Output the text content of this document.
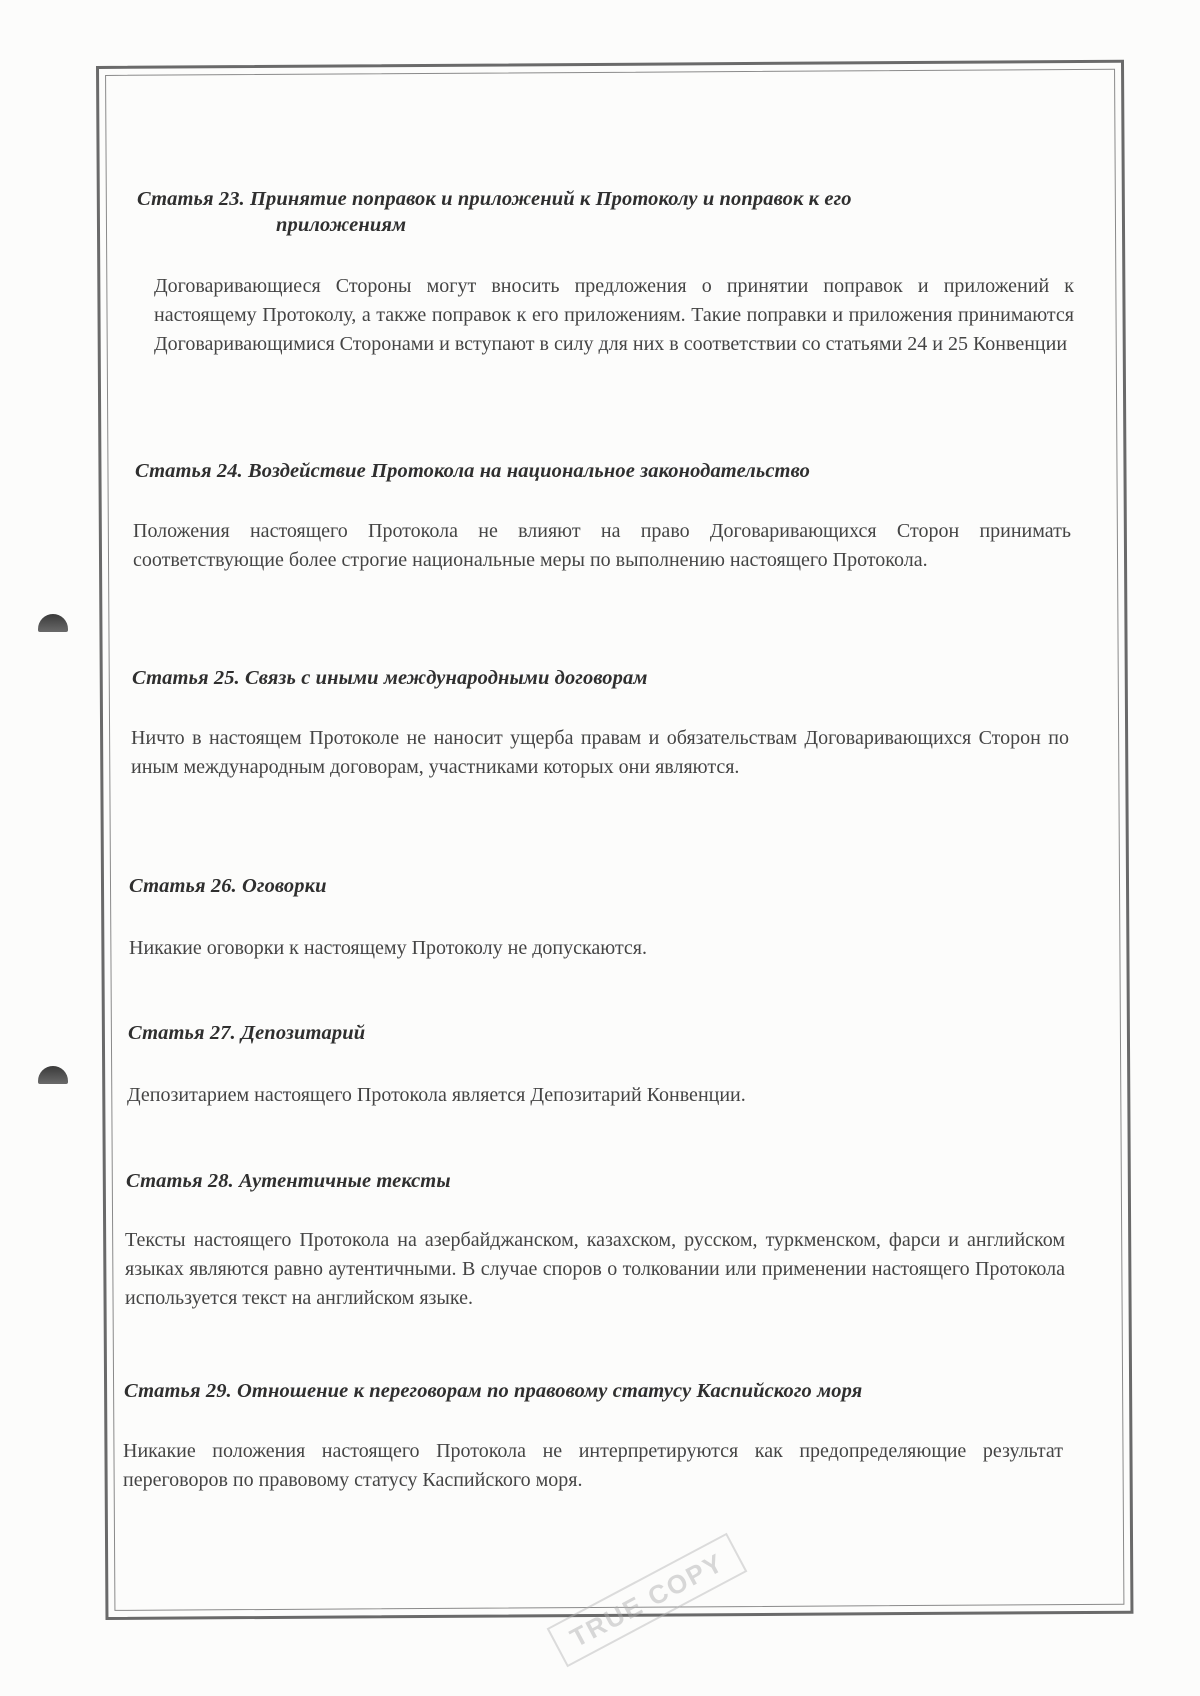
Статья 23. Принятие поправок и приложений к Протоколу и поправок к его
приложениям
Договаривающиеся Стороны могут вносить предложения о принятии поправок и приложений к настоящему Протоколу, а также поправок к его приложениям. Такие поправки и приложения принимаются Договаривающимися Сторонами и вступают в силу для них в соответствии со статьями 24 и 25 Конвенции
Статья 24. Воздействие Протокола на национальное законодательство
Положения настоящего Протокола не влияют на право Договаривающихся Сторон принимать соответствующие более строгие национальные меры по выполнению настоящего Протокола.
Статья 25. Связь с иными международными договорам
Ничто в настоящем Протоколе не наносит ущерба правам и обязательствам Договаривающихся Сторон по иным международным договорам, участниками которых они являются.
Статья 26. Оговорки
Никакие оговорки к настоящему Протоколу не допускаются.
Статья 27. Депозитарий
Депозитарием настоящего Протокола является Депозитарий Конвенции.
Статья 28. Аутентичные тексты
Тексты настоящего Протокола на азербайджанском, казахском, русском, туркменском, фарси и английском языках являются равно аутентичными. В случае споров о толковании или применении настоящего Протокола используется текст на английском языке.
Статья 29. Отношение к переговорам по правовому статусу Каспийского моря
Никакие положения настоящего Протокола не интерпретируются как предопределяющие результат переговоров по правовому статусу Каспийского моря.
TRUE COPY
